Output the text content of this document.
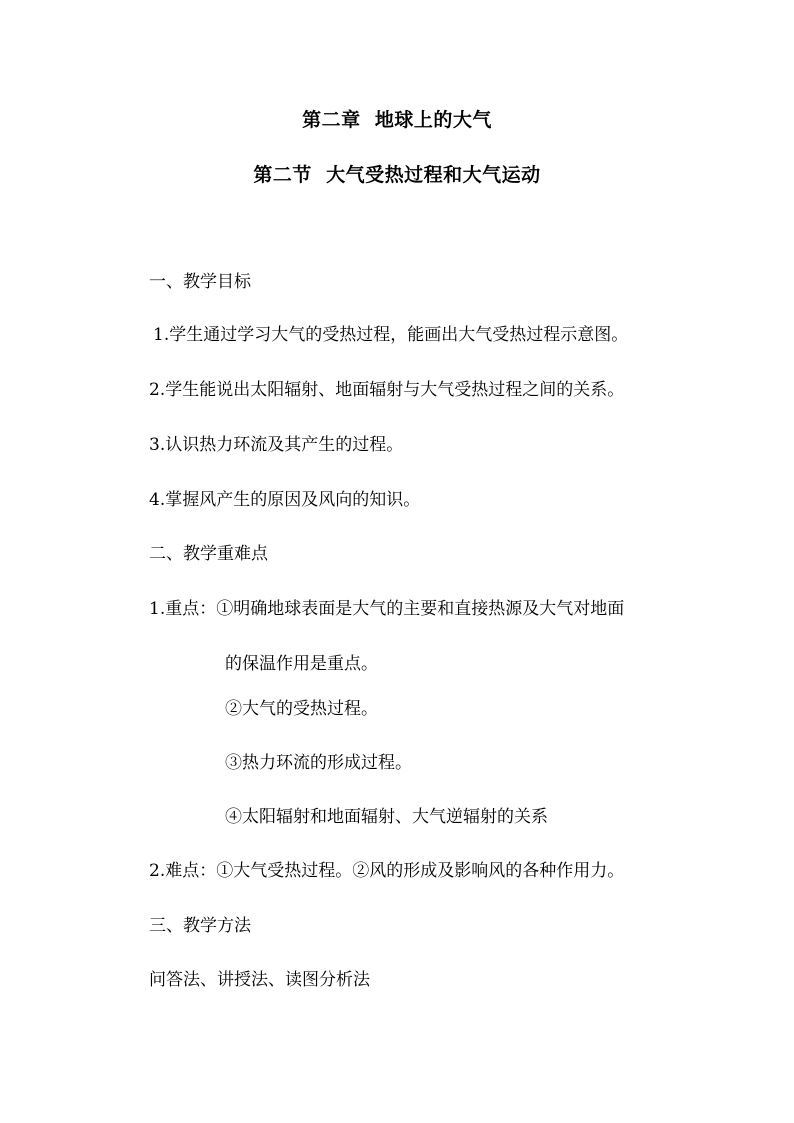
第二章  地球上的大气
第二节  大气受热过程和大气运动
一、教学目标
1.学生通过学习大气的受热过程，能画出大气受热过程示意图。
2.学生能说出太阳辐射、地面辐射与大气受热过程之间的关系。
3.认识热力环流及其产生的过程。
4.掌握风产生的原因及风向的知识。
二、教学重难点
1.重点：①明确地球表面是大气的主要和直接热源及大气对地面
的保温作用是重点。
②大气的受热过程。
③热力环流的形成过程。
④太阳辐射和地面辐射、大气逆辐射的关系
2.难点：①大气受热过程。②风的形成及影响风的各种作用力。
三、教学方法
问答法、讲授法、读图分析法
